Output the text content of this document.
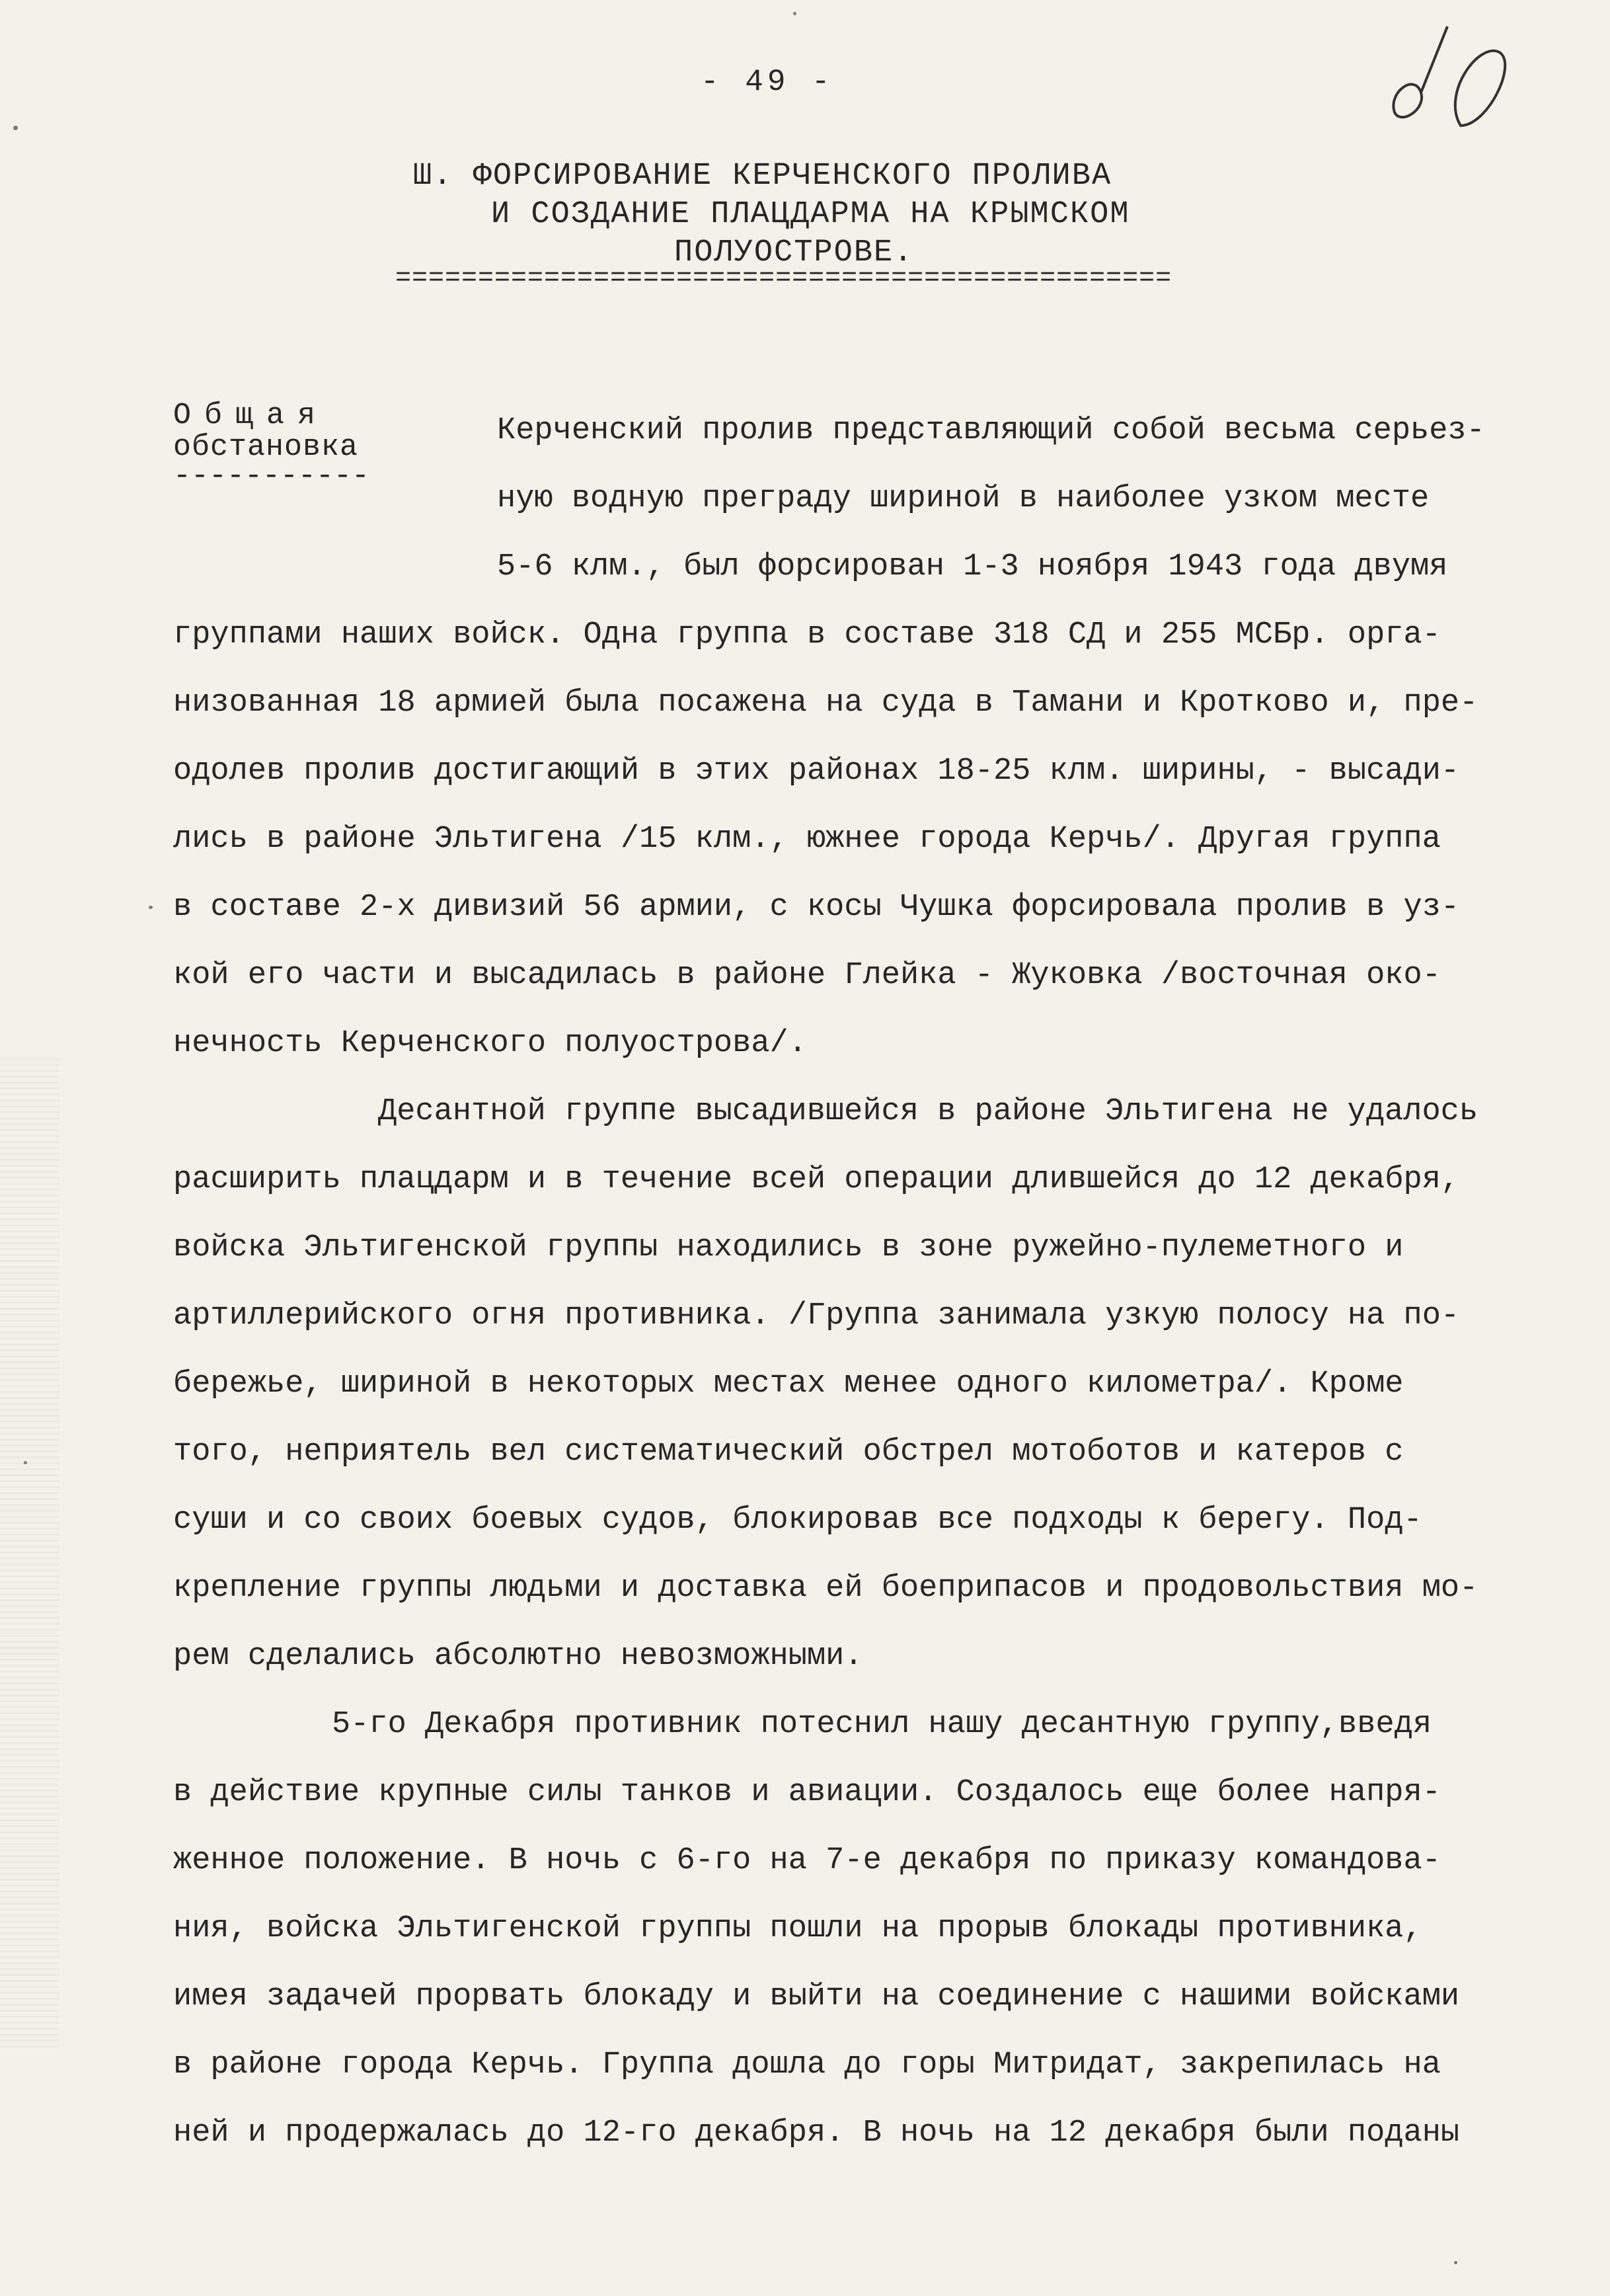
- 49 -
Ш. ФОРСИРОВАНИЕ КЕРЧЕНСКОГО ПРОЛИВА
И СОЗДАНИЕ ПЛАЦДАРМА НА КРЫМСКОМ
ПОЛУОСТРОВЕ.
===============================================
Общая
обстановка
-----------
Керченский пролив представляющий собой весьма серьез-
ную водную преграду шириной в наиболее узком месте
5-6 клм., был форсирован 1-3 ноября 1943 года двумя
группами наших войск. Одна группа в составе 318 СД и 255 МСБр. орга-
низованная 18 армией была посажена на суда в Тамани и Кротково и, пре-
одолев пролив достигающий в этих районах 18-25 клм. ширины, - высади-
лись в районе Эльтигена /15 клм., южнее города Керчь/. Другая группа
в составе 2-х дивизий 56 армии, с косы Чушка форсировала пролив в уз-
кой его части и высадилась в районе Глейка - Жуковка /восточная око-
нечность Керченского полуострова/.
Десантной группе высадившейся в районе Эльтигена не удалось
расширить плацдарм и в течение всей операции длившейся до 12 декабря,
войска Эльтигенской группы находились в зоне ружейно-пулеметного и
артиллерийского огня противника. /Группа занимала узкую полосу на по-
бережье, шириной в некоторых местах менее одного километра/. Кроме
того, неприятель вел систематический обстрел мотоботов и катеров с
суши и со своих боевых судов, блокировав все подходы к берегу. Под-
крепление группы людьми и доставка ей боеприпасов и продовольствия мо-
рем сделались абсолютно невозможными.
5-го Декабря противник потеснил нашу десантную группу,введя
в действие крупные силы танков и авиации. Создалось еще более напря-
женное положение. В ночь с 6-го на 7-е декабря по приказу командова-
ния, войска Эльтигенской группы пошли на прорыв блокады противника,
имея задачей прорвать блокаду и выйти на соединение с нашими войсками
в районе города Керчь. Группа дошла до горы Митридат, закрепилась на
ней и продержалась до 12-го декабря. В ночь на 12 декабря были поданы
